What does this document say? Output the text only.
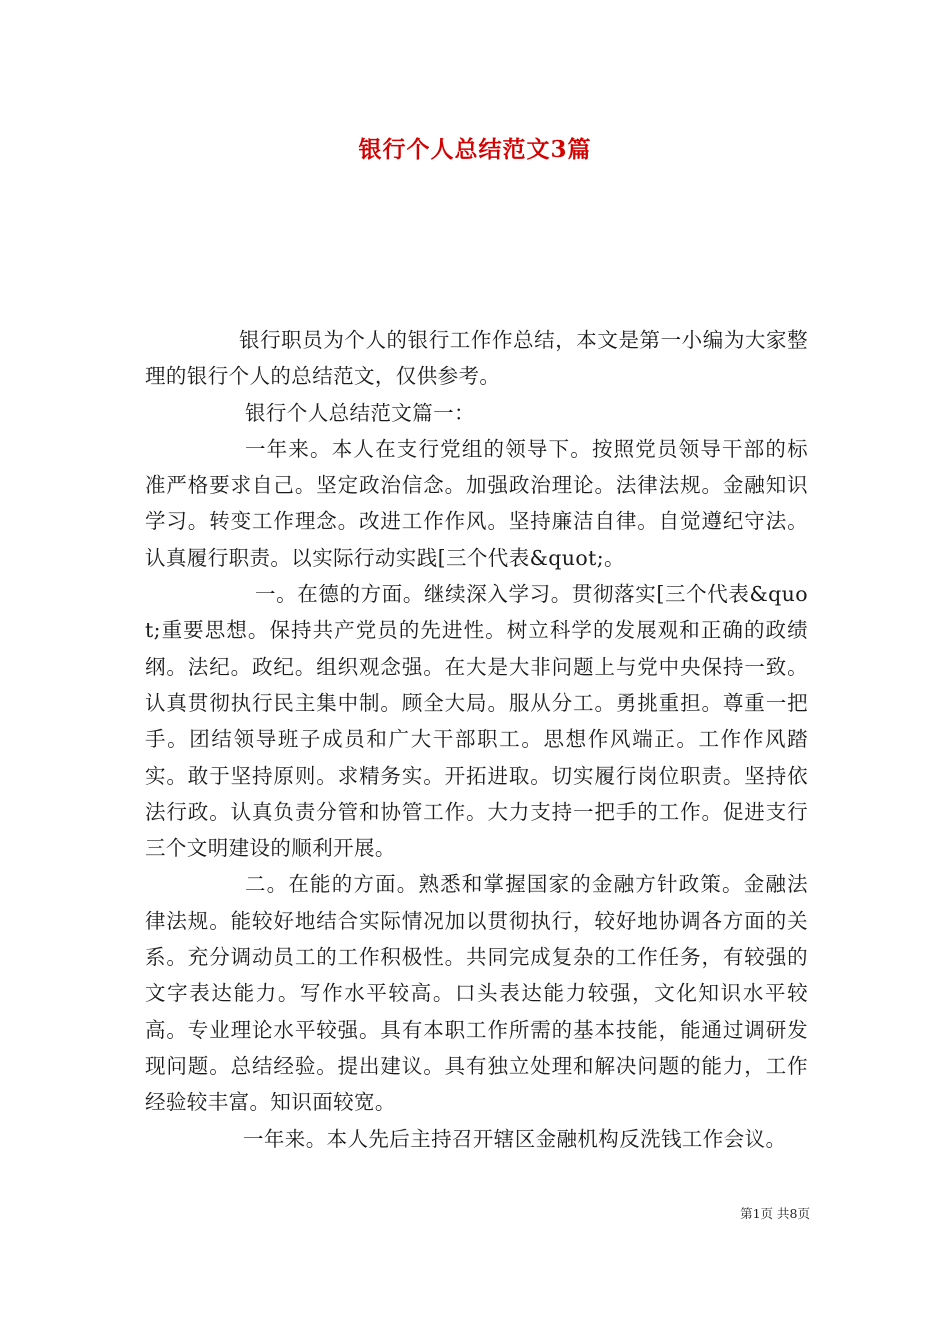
银行个人总结范文3篇

银行职员为个人的银行工作作总结，本文是第一小编为大家整理的银行个人的总结范文，仅供参考。

银行个人总结范文篇一：

一年来。本人在支行党组的领导下。按照党员领导干部的标准严格要求自己。坚定政治信念。加强政治理论。法律法规。金融知识学习。转变工作理念。改进工作作风。坚持廉洁自律。自觉遵纪守法。认真履行职责。以实际行动实践[三个代表&quot;。

一。在德的方面。继续深入学习。贯彻落实[三个代表&quot;重要思想。保持共产党员的先进性。树立科学的发展观和正确的政绩纲。法纪。政纪。组织观念强。在大是大非问题上与党中央保持一致。认真贯彻执行民主集中制。顾全大局。服从分工。勇挑重担。尊重一把手。团结领导班子成员和广大干部职工。思想作风端正。工作作风踏实。敢于坚持原则。求精务实。开拓进取。切实履行岗位职责。坚持依法行政。认真负责分管和协管工作。大力支持一把手的工作。促进支行三个文明建设的顺利开展。

二。在能的方面。熟悉和掌握国家的金融方针政策。金融法律法规。能较好地结合实际情况加以贯彻执行，较好地协调各方面的关系。充分调动员工的工作积极性。共同完成复杂的工作任务，有较强的文字表达能力。写作水平较高。口头表达能力较强，文化知识水平较高。专业理论水平较强。具有本职工作所需的基本技能，能通过调研发现问题。总结经验。提出建议。具有独立处理和解决问题的能力，工作经验较丰富。知识面较宽。

一年来。本人先后主持召开辖区金融机构反洗钱工作会议。

第1页 共8页
